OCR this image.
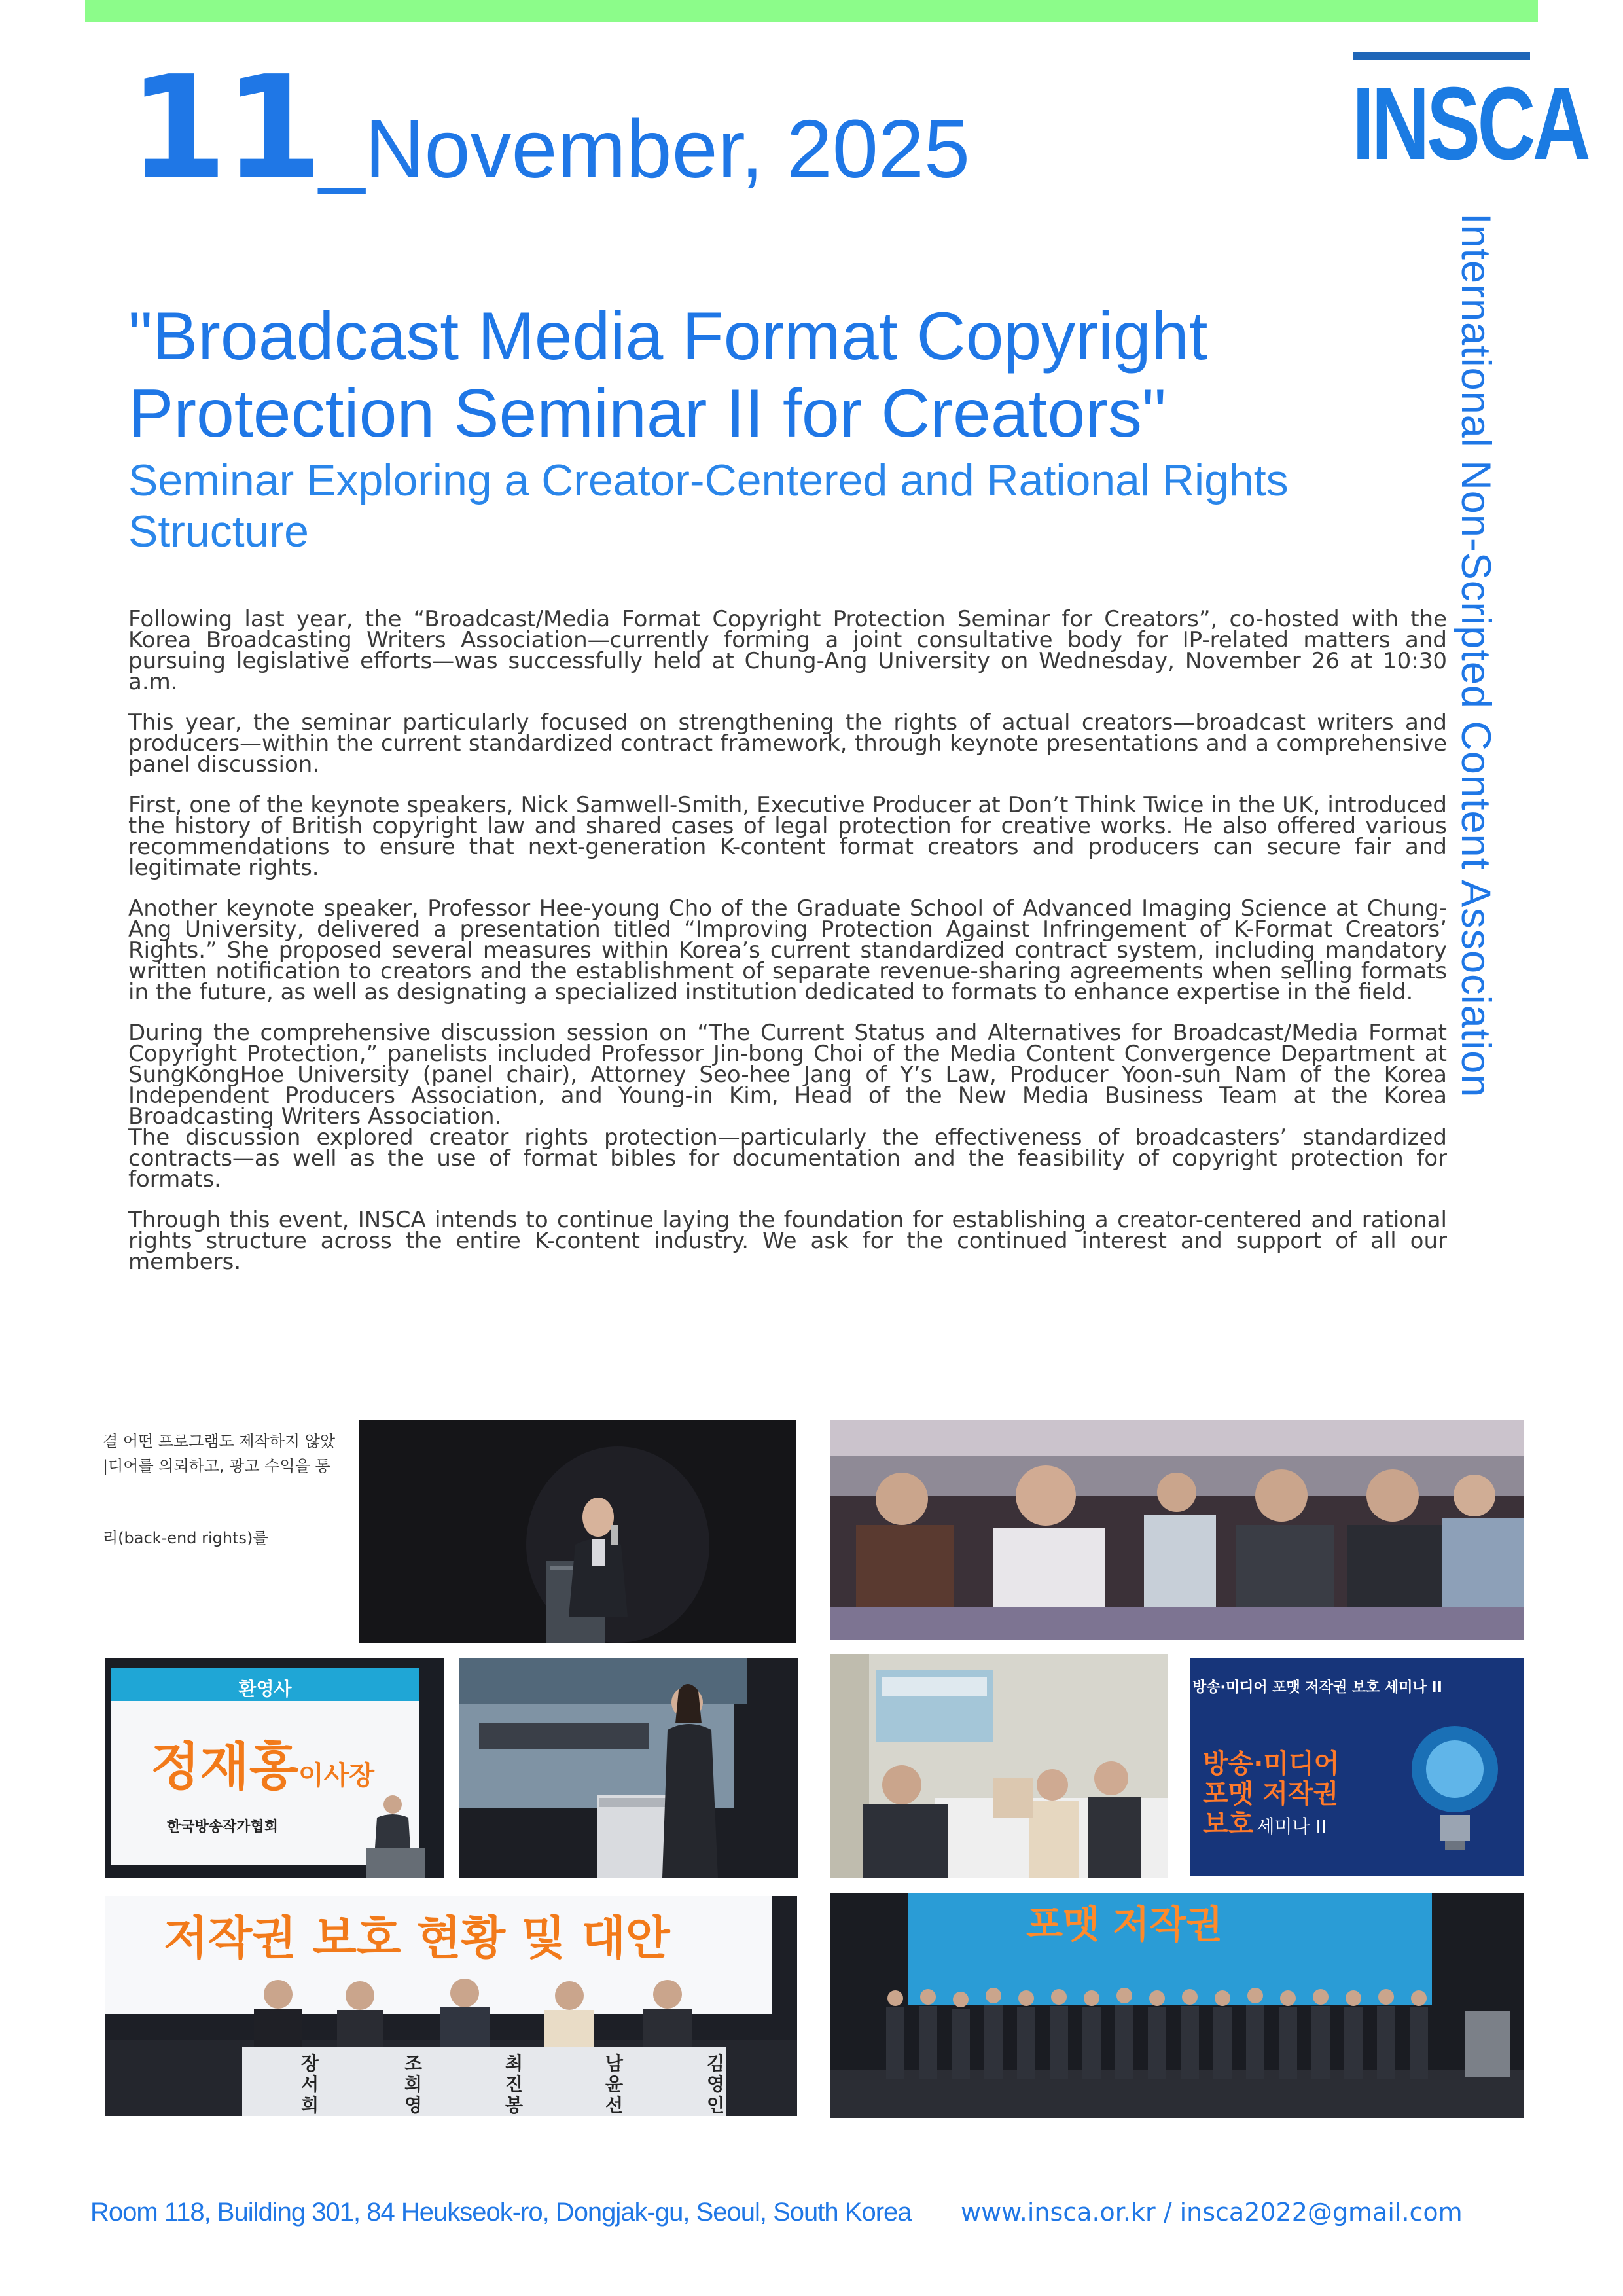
11_November, 2025	INSCA
International Non-Scripted Content Association
"Broadcast Media Format Copyright
Protection Seminar II for Creators"
Seminar Exploring a Creator-Centered and Rational Rights Structure

Following last year, the “Broadcast/Media Format Copyright Protection Seminar for Creators”, co-hosted with the Korea Broadcasting Writers Association—currently forming a joint consultative body for IP-related matters and pursuing legislative efforts—was successfully held at Chung-Ang University on Wednesday, November 26 at 10:30 a.m.

This year, the seminar particularly focused on strengthening the rights of actual creators—broadcast writers and producers—within the current standardized contract framework, through keynote presentations and a comprehensive panel discussion.

First, one of the keynote speakers, Nick Samwell-Smith, Executive Producer at Don’t Think Twice in the UK, introduced the history of British copyright law and shared cases of legal protection for creative works. He also offered various recommendations to ensure that next-generation K-content format creators and producers can secure fair and legitimate rights.

Another keynote speaker, Professor Hee-young Cho of the Graduate School of Advanced Imaging Science at Chung-Ang University, delivered a presentation titled “Improving Protection Against Infringement of K-Format Creators’ Rights.” She proposed several measures within Korea’s current standardized contract system, including mandatory written notification to creators and the establishment of separate revenue-sharing agreements when selling formats in the future, as well as designating a specialized institution dedicated to formats to enhance expertise in the field.

During the comprehensive discussion session on “The Current Status and Alternatives for Broadcast/Media Format Copyright Protection,” panelists included Professor Jin-bong Choi of the Media Content Convergence Department at SungKongHoe University (panel chair), Attorney Seo-hee Jang of Y’s Law, Producer Yoon-sun Nam of the Korea Independent Producers Association, and Young-in Kim, Head of the New Media Business Team at the Korea Broadcasting Writers Association.

The discussion explored creator rights protection—particularly the effectiveness of broadcasters’ standardized contracts—as well as the use of format bibles for documentation and the feasibility of copyright protection for formats.

Through this event, INSCA intends to continue laying the foundation for establishing a creator-centered and rational rights structure across the entire K-content industry. We ask for the continued interest and support of all our members.

결 어떤 프로그램도 제작하지 않았
|디어를 의뢰하고, 광고 수익을 통
리(back-end rights)를
환영사
정재홍이사장
한국방송작가협회
방송·미디어 포맷 저작권 보호 세미나 II
방송·미디어
포맷 저작권
보호 세미나 II
저작권 보호 현황 및 대안
장서희
조희영
최진봉
남윤선
김영인
포맷 저작권
Room 118, Building 301, 84 Heukseok-ro, Dongjak-gu, Seoul, South Korea www.insca.or.kr / insca2022@gmail.com
